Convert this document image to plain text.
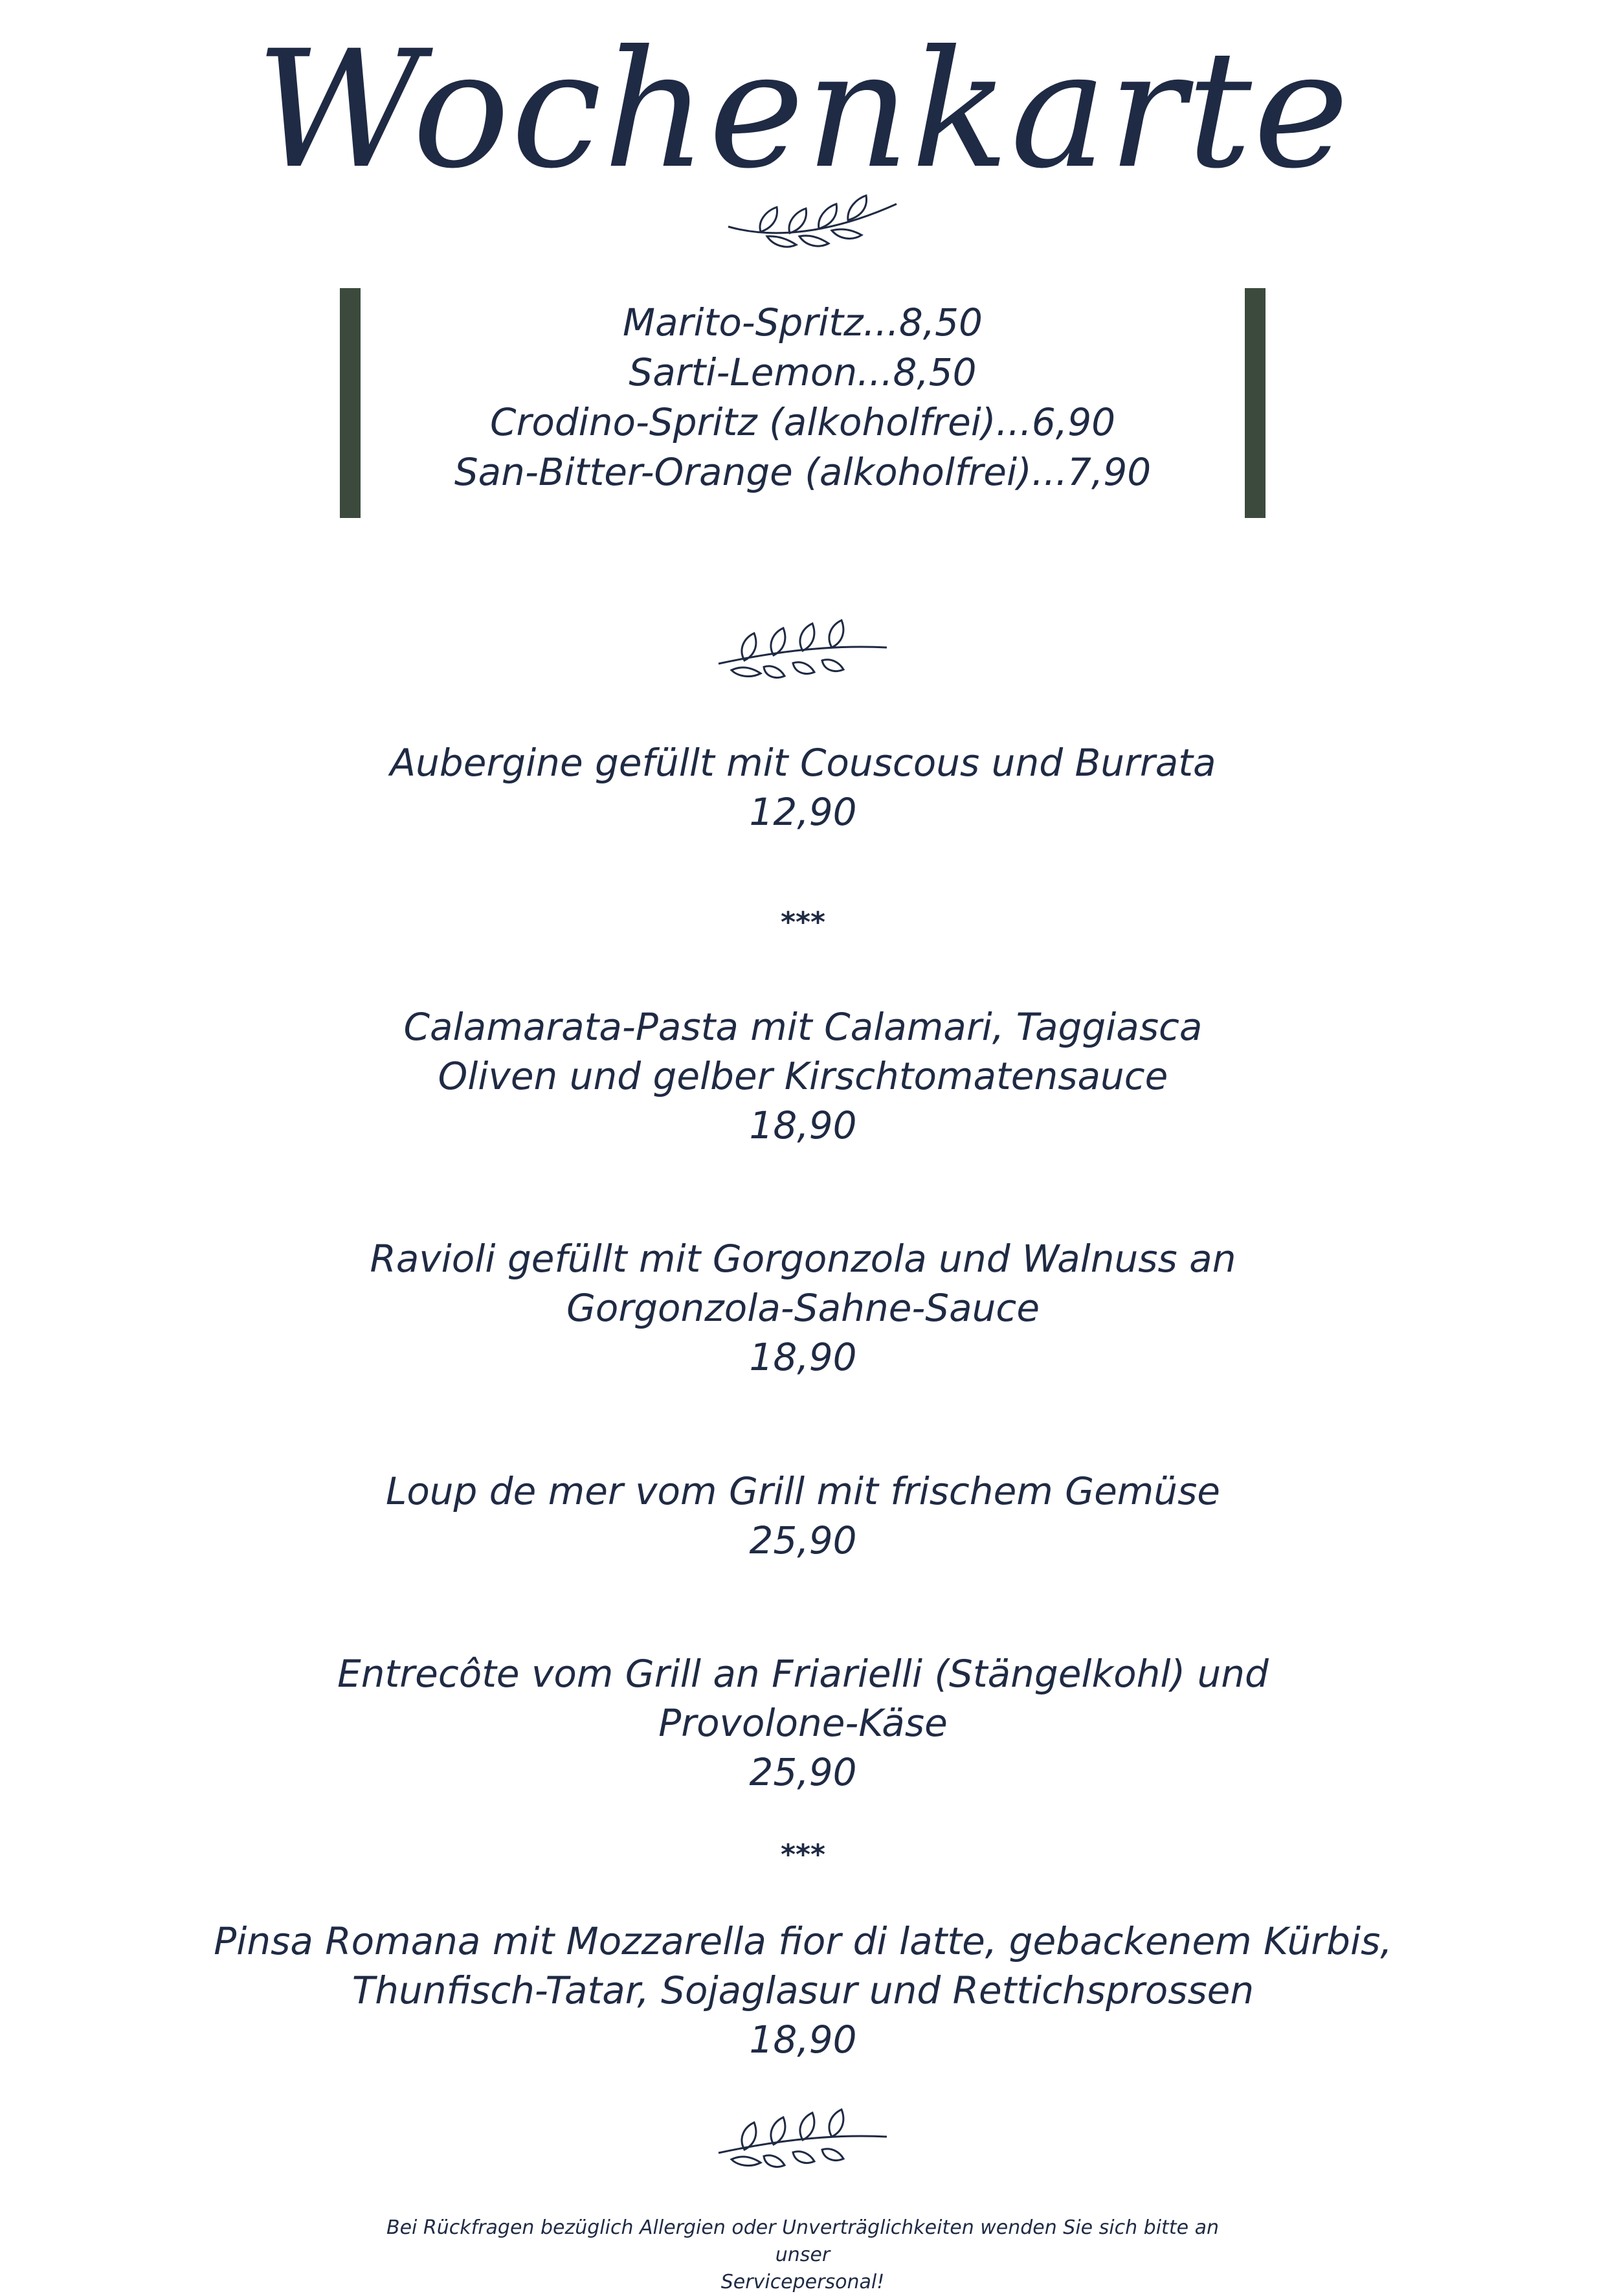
Wochenkarte
Marito-Spritz...8,50
Sarti-Lemon...8,50
Crodino-Spritz (alkoholfrei)...6,90
San-Bitter-Orange (alkoholfrei)...7,90
Aubergine gefüllt mit Couscous und Burrata
12,90
***
Calamarata-Pasta mit Calamari, Taggiasca
Oliven und gelber Kirschtomatensauce
18,90
Ravioli gefüllt mit Gorgonzola und Walnuss an
Gorgonzola-Sahne-Sauce
18,90
Loup de mer vom Grill mit frischem Gemüse
25,90
Entrecôte vom Grill an Friarielli (Stängelkohl) und
Provolone-Käse
25,90
***
Pinsa Romana mit Mozzarella fior di latte, gebackenem Kürbis,
Thunfisch-Tatar, Sojaglasur und Rettichsprossen
18,90
Bei Rückfragen bezüglich Allergien oder Unverträglichkeiten wenden Sie sich bitte an unser
Servicepersonal!
